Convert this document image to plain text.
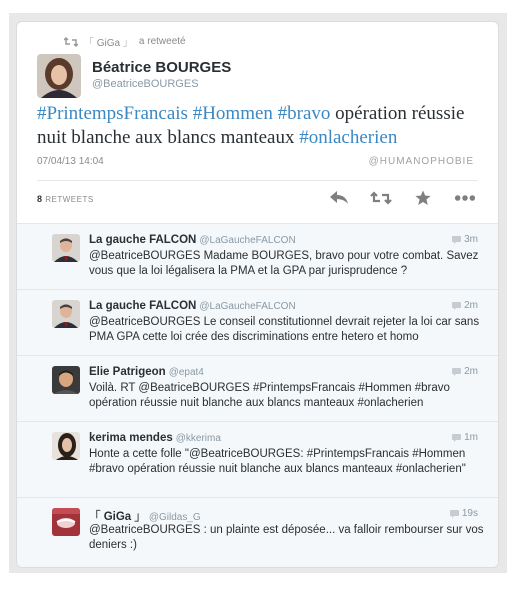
「 GiGa 」 a retweeté
Béatrice BOURGES
@BeatriceBOURGES
#PrintempsFrancais #Hommen #bravo opération réussie nuit blanche aux blancs manteaux #onlacherien
07/04/13 14:04	@HUMANOPHOBIE
8 RETWEETS
La gauche FALCON @LaGaucheFALCON	3m
@BeatriceBOURGES Madame BOURGES, bravo pour votre combat. Savez vous que la loi légalisera la PMA et la GPA par jurisprudence ?
La gauche FALCON @LaGaucheFALCON	2m
@BeatriceBOURGES Le conseil constitutionnel devrait rejeter la loi car sans PMA GPA cette loi crée des discriminations entre hetero et homo
Elie Patrigeon @epat4	2m
Voilà. RT @BeatriceBOURGES #PrintempsFrancais #Hommen #bravo opération réussie nuit blanche aux blancs manteaux #onlacherien
kerima mendes @kkerima	1m
Honte a cette folle "@BeatriceBOURGES: #PrintempsFrancais #Hommen #bravo opération réussie nuit blanche aux blancs manteaux #onlacherien"
「 GiGa 」 @Gildas_G	19s
@BeatriceBOURGES : un plainte est déposée... va falloir rembourser sur vos deniers :)
